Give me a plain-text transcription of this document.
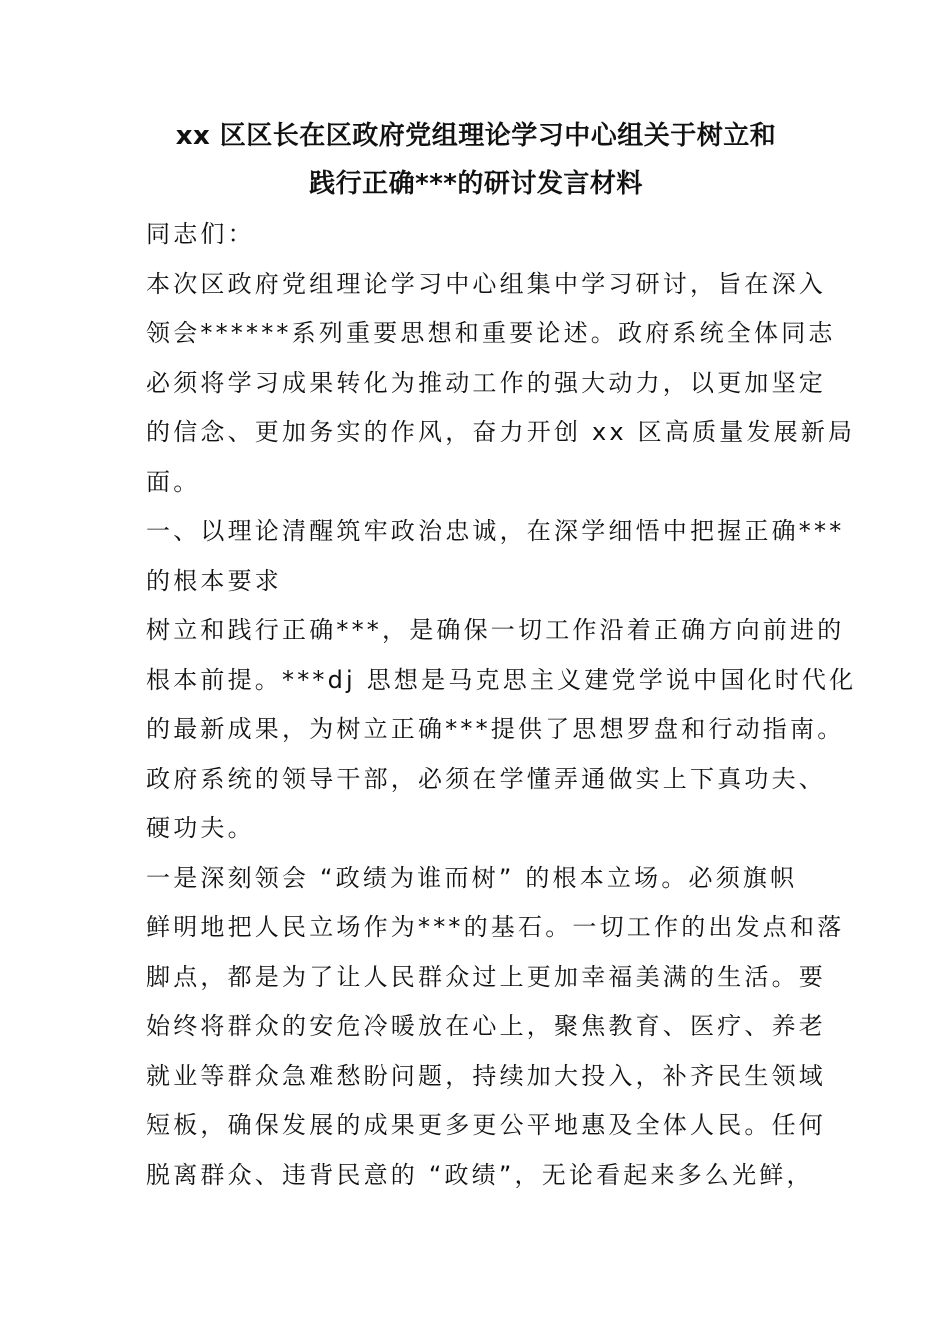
xx 区区长在区政府党组理论学习中心组关于树立和
践行正确***的研讨发言材料

同志们：

本次区政府党组理论学习中心组集中学习研讨，旨在深入
领会******系列重要思想和重要论述。政府系统全体同志
必须将学习成果转化为推动工作的强大动力，以更加坚定
的信念、更加务实的作风，奋力开创 xx 区高质量发展新局
面。

一、以理论清醒筑牢政治忠诚，在深学细悟中把握正确***
的根本要求

树立和践行正确***，是确保一切工作沿着正确方向前进的
根本前提。***dj 思想是马克思主义建党学说中国化时代化
的最新成果，为树立正确***提供了思想罗盘和行动指南。
政府系统的领导干部，必须在学懂弄通做实上下真功夫、
硬功夫。

一是深刻领会 “政绩为谁而树” 的根本立场。必须旗帜
鲜明地把人民立场作为***的基石。一切工作的出发点和落
脚点，都是为了让人民群众过上更加幸福美满的生活。要
始终将群众的安危冷暖放在心上，聚焦教育、医疗、养老
就业等群众急难愁盼问题，持续加大投入，补齐民生领域
短板，确保发展的成果更多更公平地惠及全体人民。任何
脱离群众、违背民意的 “政绩”，无论看起来多么光鲜，
